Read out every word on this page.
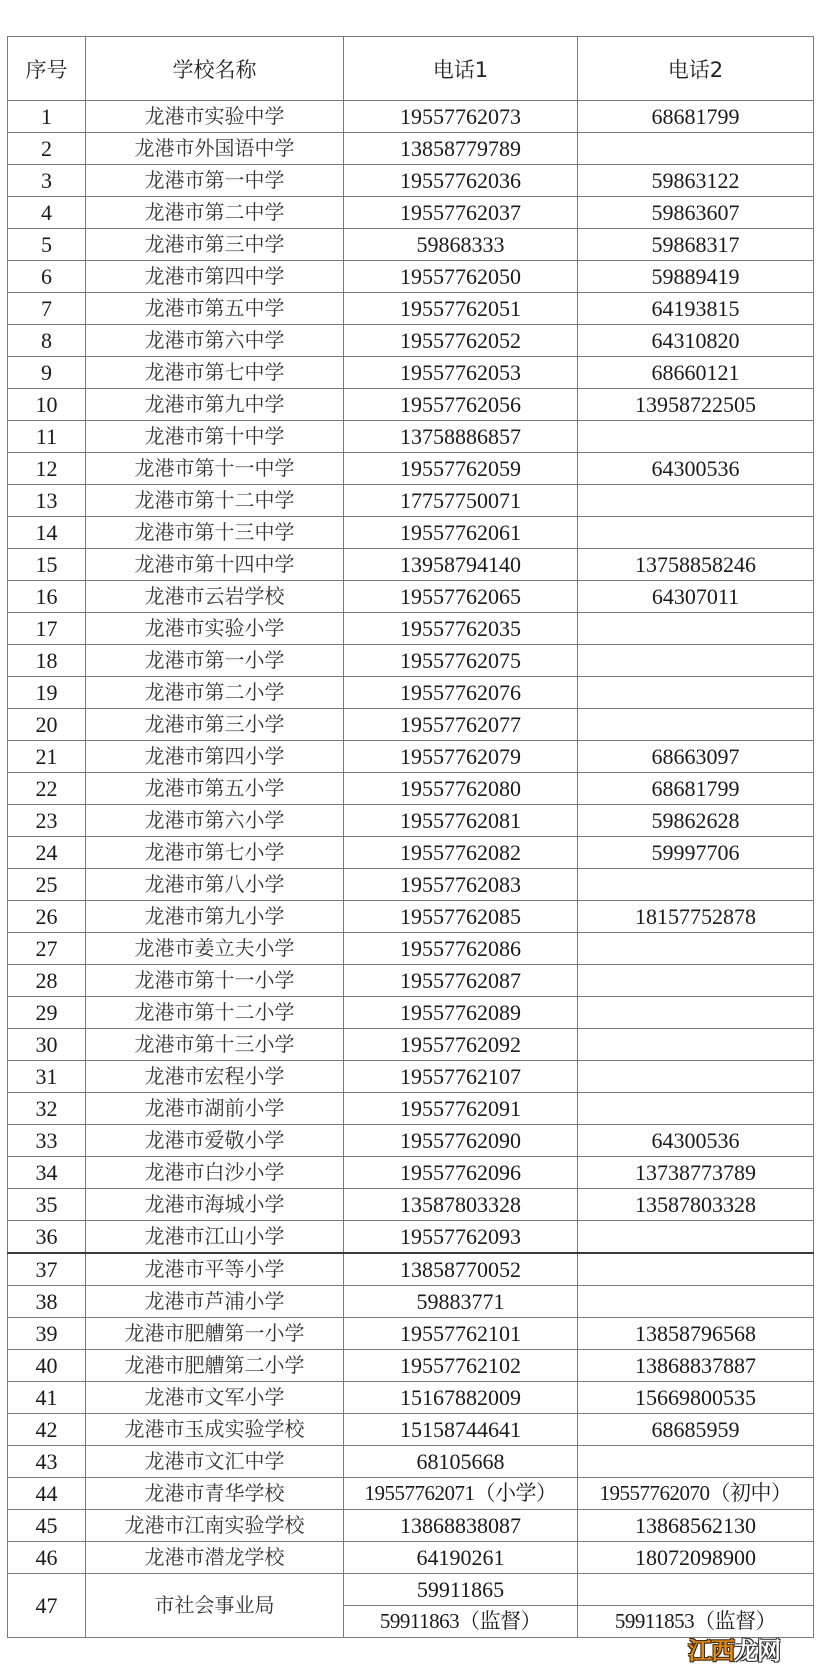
序号	学校名称	电话1	电话2
1	龙港市实验中学	19557762073	68681799
2	龙港市外国语中学	13858779789	
3	龙港市第一中学	19557762036	59863122
4	龙港市第二中学	19557762037	59863607
5	龙港市第三中学	59868333	59868317
6	龙港市第四中学	19557762050	59889419
7	龙港市第五中学	19557762051	64193815
8	龙港市第六中学	19557762052	64310820
9	龙港市第七中学	19557762053	68660121
10	龙港市第九中学	19557762056	13958722505
11	龙港市第十中学	13758886857	
12	龙港市第十一中学	19557762059	64300536
13	龙港市第十二中学	17757750071	
14	龙港市第十三中学	19557762061	
15	龙港市第十四中学	13958794140	13758858246
16	龙港市云岩学校	19557762065	64307011
17	龙港市实验小学	19557762035	
18	龙港市第一小学	19557762075	
19	龙港市第二小学	19557762076	
20	龙港市第三小学	19557762077	
21	龙港市第四小学	19557762079	68663097
22	龙港市第五小学	19557762080	68681799
23	龙港市第六小学	19557762081	59862628
24	龙港市第七小学	19557762082	59997706
25	龙港市第八小学	19557762083	
26	龙港市第九小学	19557762085	18157752878
27	龙港市姜立夫小学	19557762086	
28	龙港市第十一小学	19557762087	
29	龙港市第十二小学	19557762089	
30	龙港市第十三小学	19557762092	
31	龙港市宏程小学	19557762107	
32	龙港市湖前小学	19557762091	
33	龙港市爱敬小学	19557762090	64300536
34	龙港市白沙小学	19557762096	13738773789
35	龙港市海城小学	13587803328	13587803328
36	龙港市江山小学	19557762093	
37	龙港市平等小学	13858770052	
38	龙港市芦浦小学	59883771	
39	龙港市肥艚第一小学	19557762101	13858796568
40	龙港市肥艚第二小学	19557762102	13868837887
41	龙港市文军小学	15167882009	15669800535
42	龙港市玉成实验学校	15158744641	68685959
43	龙港市文汇中学	68105668	
44	龙港市青华学校	19557762071（小学）	19557762070（初中）
45	龙港市江南实验学校	13868838087	13868562130
46	龙港市潜龙学校	64190261	18072098900
47	市社会事业局	59911865	
		59911863（监督）	59911853（监督）
江西龙网
